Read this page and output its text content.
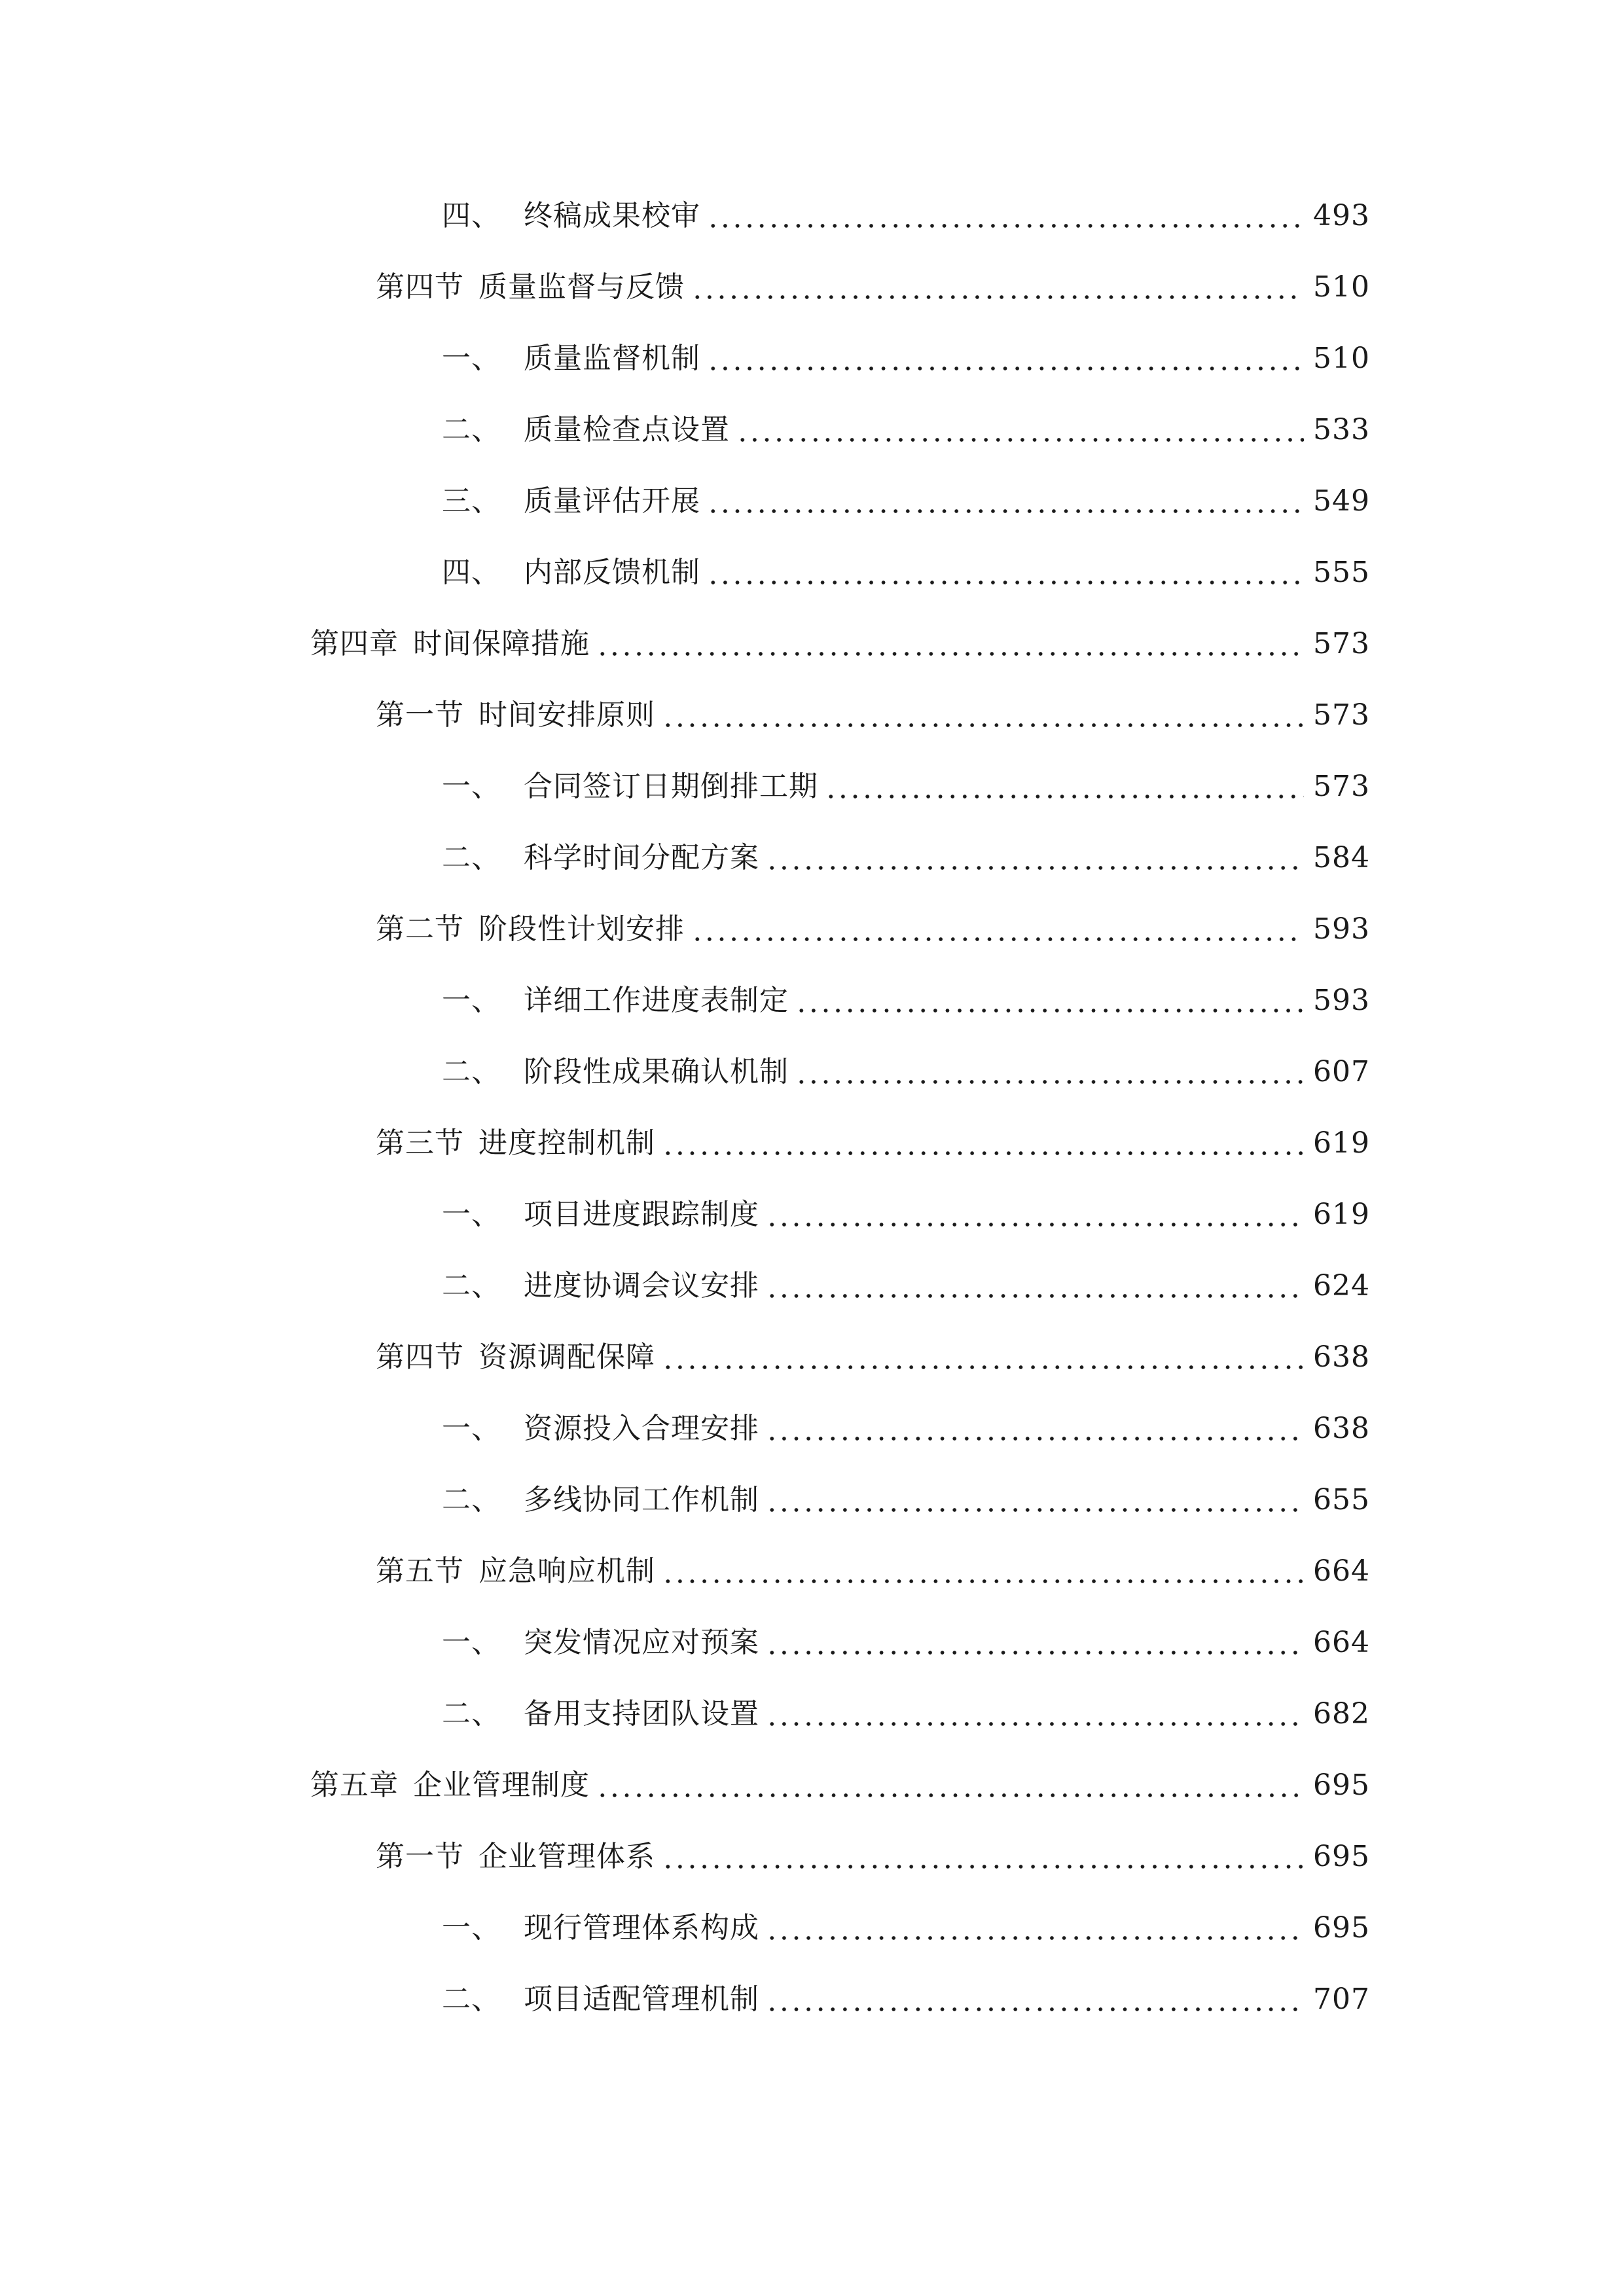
四、 终稿成果校审	493
第四节 质量监督与反馈	510
一、 质量监督机制	510
二、 质量检查点设置	533
三、 质量评估开展	549
四、 内部反馈机制	555
第四章 时间保障措施	573
第一节 时间安排原则	573
一、 合同签订日期倒排工期	573
二、 科学时间分配方案	584
第二节 阶段性计划安排	593
一、 详细工作进度表制定	593
二、 阶段性成果确认机制	607
第三节 进度控制机制	619
一、 项目进度跟踪制度	619
二、 进度协调会议安排	624
第四节 资源调配保障	638
一、 资源投入合理安排	638
二、 多线协同工作机制	655
第五节 应急响应机制	664
一、 突发情况应对预案	664
二、 备用支持团队设置	682
第五章 企业管理制度	695
第一节 企业管理体系	695
一、 现行管理体系构成	695
二、 项目适配管理机制	707
